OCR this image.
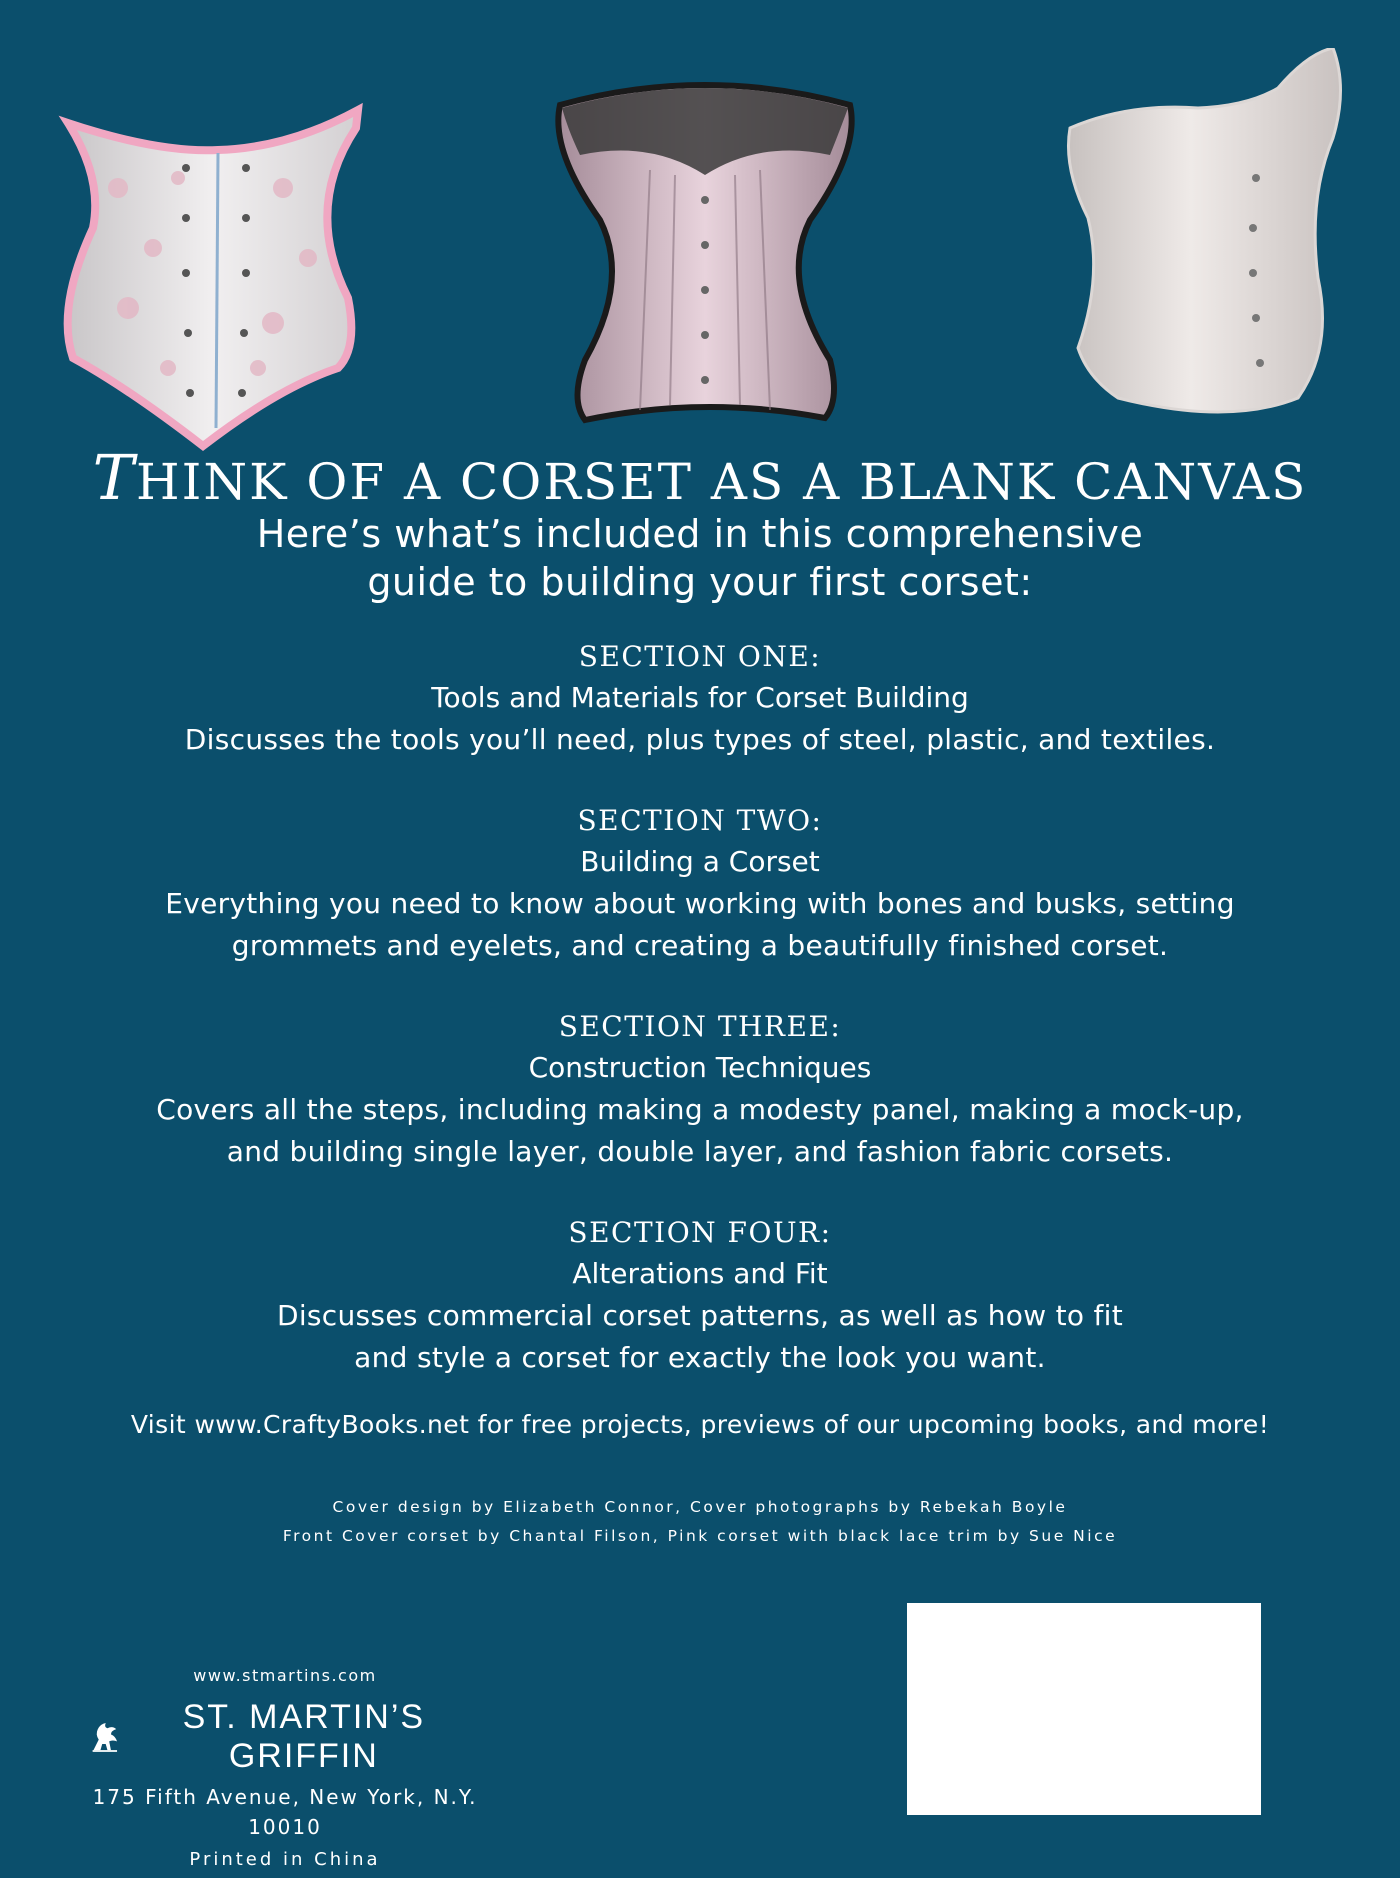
THINK OF A CORSET AS A BLANK CANVAS
Here’s what’s included in this comprehensive
guide to building your first corset:
SECTION ONE:
Tools and Materials for Corset Building
Discusses the tools you’ll need, plus types of steel, plastic, and textiles.
SECTION TWO:
Building a Corset
Everything you need to know about working with bones and busks, setting
grommets and eyelets, and creating a beautifully finished corset.
SECTION THREE:
Construction Techniques
Covers all the steps, including making a modesty panel, making a mock-up,
and building single layer, double layer, and fashion fabric corsets.
SECTION FOUR:
Alterations and Fit
Discusses commercial corset patterns, as well as how to fit
and style a corset for exactly the look you want.
Visit www.CraftyBooks.net for free projects, previews of our upcoming books, and more!
Cover design by Elizabeth Connor, Cover photographs by Rebekah Boyle
Front Cover corset by Chantal Filson, Pink corset with black lace trim by Sue Nice
www.stmartins.com
ST. MARTIN’S GRIFFIN
175 Fifth Avenue, New York, N.Y. 10010
Printed in China
